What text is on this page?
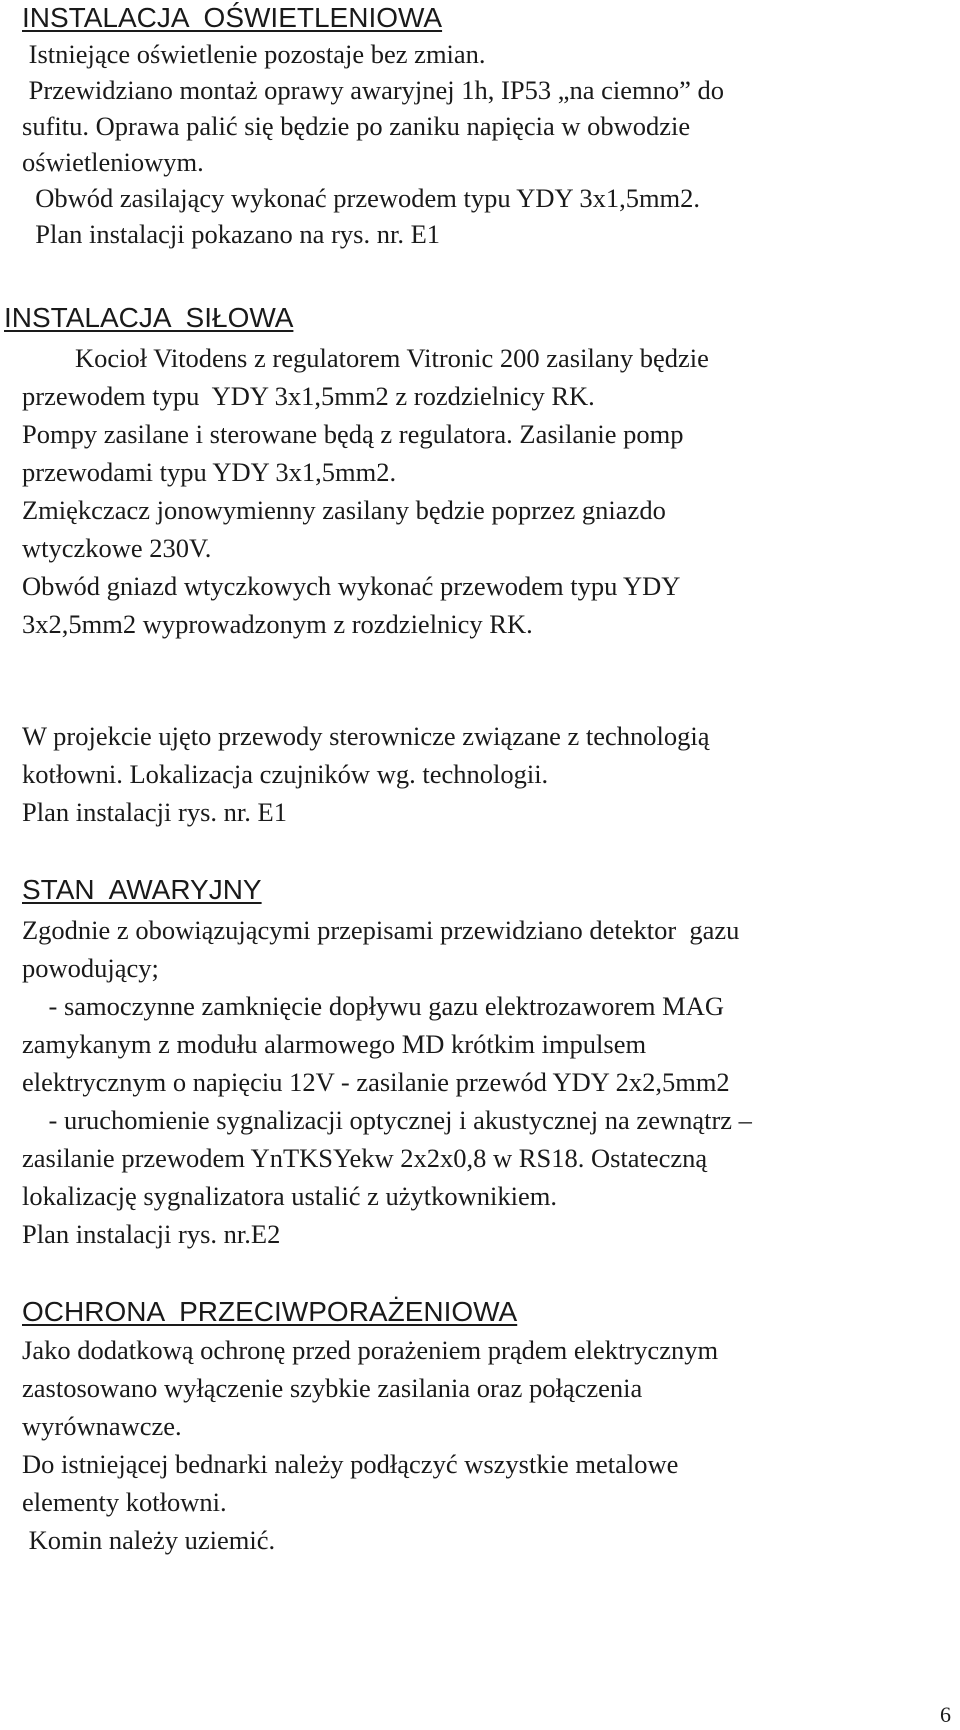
INSTALACJA  OŚWIETLENIOWA
Istniejące oświetlenie pozostaje bez zmian.
Przewidziano montaż oprawy awaryjnej 1h, IP53 „na ciemno” do
sufitu. Oprawa palić się będzie po zaniku napięcia w obwodzie
oświetleniowym.
Obwód zasilający wykonać przewodem typu YDY 3x1,5mm2.
Plan instalacji pokazano na rys. nr. E1
INSTALACJA  SIŁOWA
Kocioł Vitodens z regulatorem Vitronic 200 zasilany będzie
przewodem typu  YDY 3x1,5mm2 z rozdzielnicy RK.
Pompy zasilane i sterowane będą z regulatora. Zasilanie pomp
przewodami typu YDY 3x1,5mm2.
Zmiękczacz jonowymienny zasilany będzie poprzez gniazdo
wtyczkowe 230V.
Obwód gniazd wtyczkowych wykonać przewodem typu YDY
3x2,5mm2 wyprowadzonym z rozdzielnicy RK.
W projekcie ujęto przewody sterownicze związane z technologią
kotłowni. Lokalizacja czujników wg. technologii.
Plan instalacji rys. nr. E1
STAN  AWARYJNY
Zgodnie z obowiązującymi przepisami przewidziano detektor  gazu
powodujący;
- samoczynne zamknięcie dopływu gazu elektrozaworem MAG
zamykanym z modułu alarmowego MD krótkim impulsem
elektrycznym o napięciu 12V - zasilanie przewód YDY 2x2,5mm2
- uruchomienie sygnalizacji optycznej i akustycznej na zewnątrz –
zasilanie przewodem YnTKSYekw 2x2x0,8 w RS18. Ostateczną
lokalizację sygnalizatora ustalić z użytkownikiem.
Plan instalacji rys. nr.E2
OCHRONA  PRZECIWPORAŻENIOWA
Jako dodatkową ochronę przed porażeniem prądem elektrycznym
zastosowano wyłączenie szybkie zasilania oraz połączenia
wyrównawcze.
Do istniejącej bednarki należy podłączyć wszystkie metalowe
elementy kotłowni.
Komin należy uziemić.
6
